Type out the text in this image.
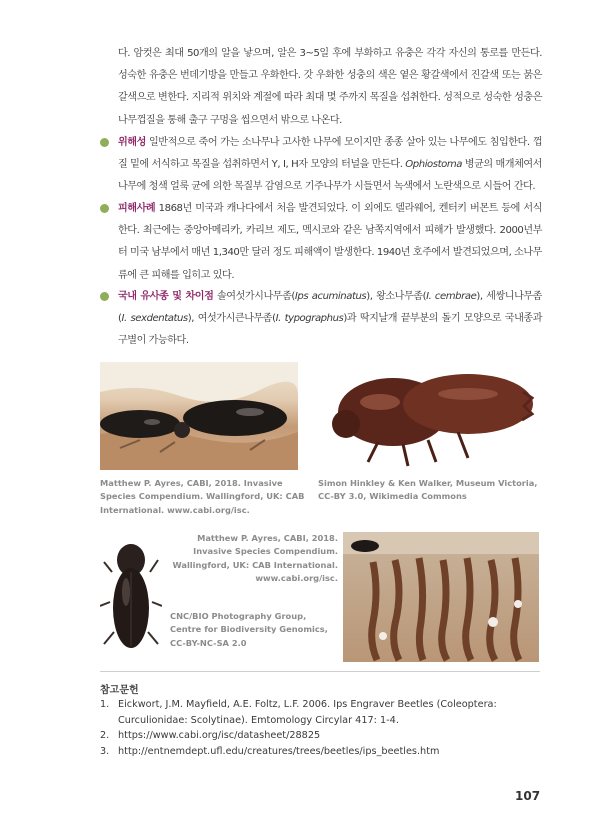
다. 암컷은 최대 50개의 알을 낳으며, 알은 3~5일 후에 부화하고 유충은 각각 자신의 통로를 만든다. 성숙한 유충은 번데기방을 만들고 우화한다. 갓 우화한 성충의 색은 옅은 황갈색에서 진갈색 또는 붉은 갈색으로 변한다. 지리적 위치와 계절에 따라 최대 몇 주까지 목질을 섭취한다. 성적으로 성숙한 성충은 나무껍질을 통해 출구 구멍을 씹으면서 밖으로 나온다.

위해성 일반적으로 죽어 가는 소나무나 고사한 나무에 모이지만 종종 살아 있는 나무에도 침입한다. 껍질 밑에 서식하고 목질을 섭취하면서 Y, I, H자 모양의 터널을 만든다. Ophiostoma 병균의 매개체여서 나무에 청색 얼룩 균에 의한 목질부 감염으로 기주나무가 시들면서 녹색에서 노란색으로 시들어 간다.

피해사례 1868년 미국과 캐나다에서 처음 발견되었다. 이 외에도 델라웨어, 켄터키 버몬트 등에 서식한다. 최근에는 중앙아메리카, 카리브 제도, 멕시코와 같은 남쪽지역에서 피해가 발생했다. 2000년부터 미국 남부에서 매년 1,340만 달러 정도 피해액이 발생한다. 1940년 호주에서 발견되었으며, 소나무류에 큰 피해를 입히고 있다.

국내 유사종 및 차이점 솔여섯가시나무좀(Ips acuminatus), 왕소나무좀(I. cembrae), 세쌍니나무좀(I. sexdentatus), 여섯가시큰나무좀(I. typographus)과 딱지날개 끝부분의 돌기 모양으로 국내종과 구별이 가능하다.

Matthew P. Ayres, CABI, 2018. Invasive Species Compendium. Wallingford, UK: CAB International. www.cabi.org/isc.

Simon Hinkley & Ken Walker, Museum Victoria, CC-BY 3.0, Wikimedia Commons

Matthew P. Ayres, CABI, 2018. Invasive Species Compendium. Wallingford, UK: CAB International. www.cabi.org/isc.

CNC/BIO Photography Group, Centre for Biodiversity Genomics, CC-BY-NC-SA 2.0

참고문헌

1. Eickwort, J.M. Mayfield, A.E. Foltz, L.F. 2006. Ips Engraver Beetles (Coleoptera: Curculionidae: Scolytinae). Emtomology Circylar 417: 1-4.
2. https://www.cabi.org/isc/datasheet/28825
3. http://entnemdept.ufl.edu/creatures/trees/beetles/ips_beetles.htm

107
